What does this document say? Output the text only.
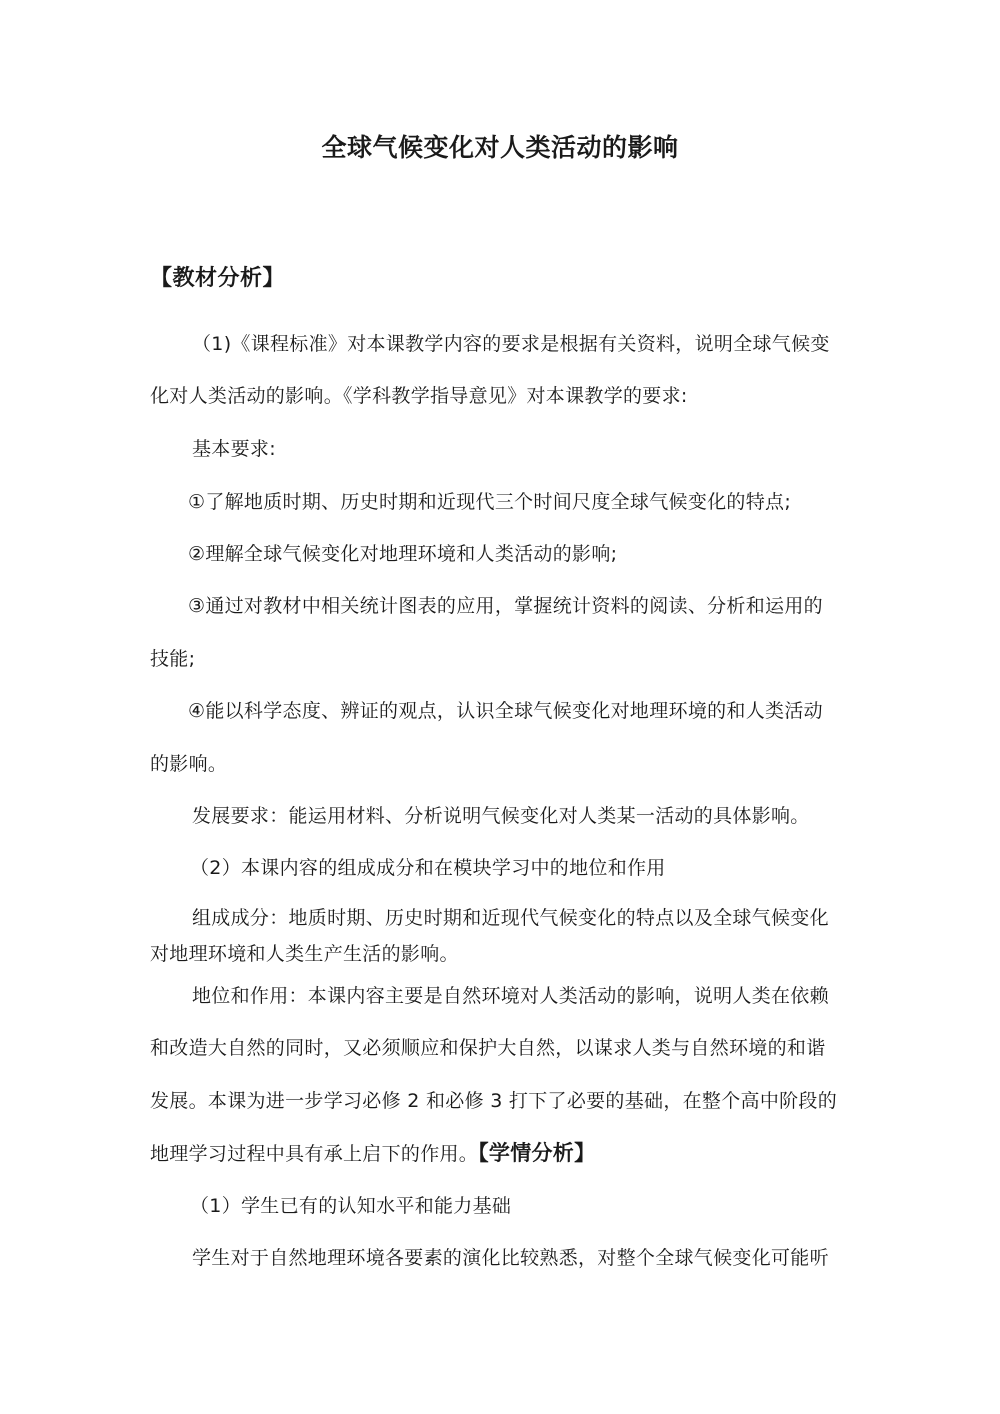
全球气候变化对人类活动的影响
【教材分析】
（1)《课程标准》对本课教学内容的要求是根据有关资料，说明全球气候变
化对人类活动的影响。《学科教学指导意见》对本课教学的要求:
基本要求:
①了解地质时期、历史时期和近现代三个时间尺度全球气候变化的特点;
②理解全球气候变化对地理环境和人类活动的影响;
③通过对教材中相关统计图表的应用，掌握统计资料的阅读、分析和运用的
技能;
④能以科学态度、辨证的观点，认识全球气候变化对地理环境的和人类活动
的影响。
发展要求：能运用材料、分析说明气候变化对人类某一活动的具体影响。
（2）本课内容的组成成分和在模块学习中的地位和作用
组成成分：地质时期、历史时期和近现代气候变化的特点以及全球气候变化
对地理环境和人类生产生活的影响。
地位和作用：本课内容主要是自然环境对人类活动的影响，说明人类在依赖
和改造大自然的同时，又必须顺应和保护大自然，以谋求人类与自然环境的和谐
发展。本课为进一步学习必修 2 和必修 3 打下了必要的基础，在整个高中阶段的
地理学习过程中具有承上启下的作用。【学情分析】
（1）学生已有的认知水平和能力基础
学生对于自然地理环境各要素的演化比较熟悉，对整个全球气候变化可能听
